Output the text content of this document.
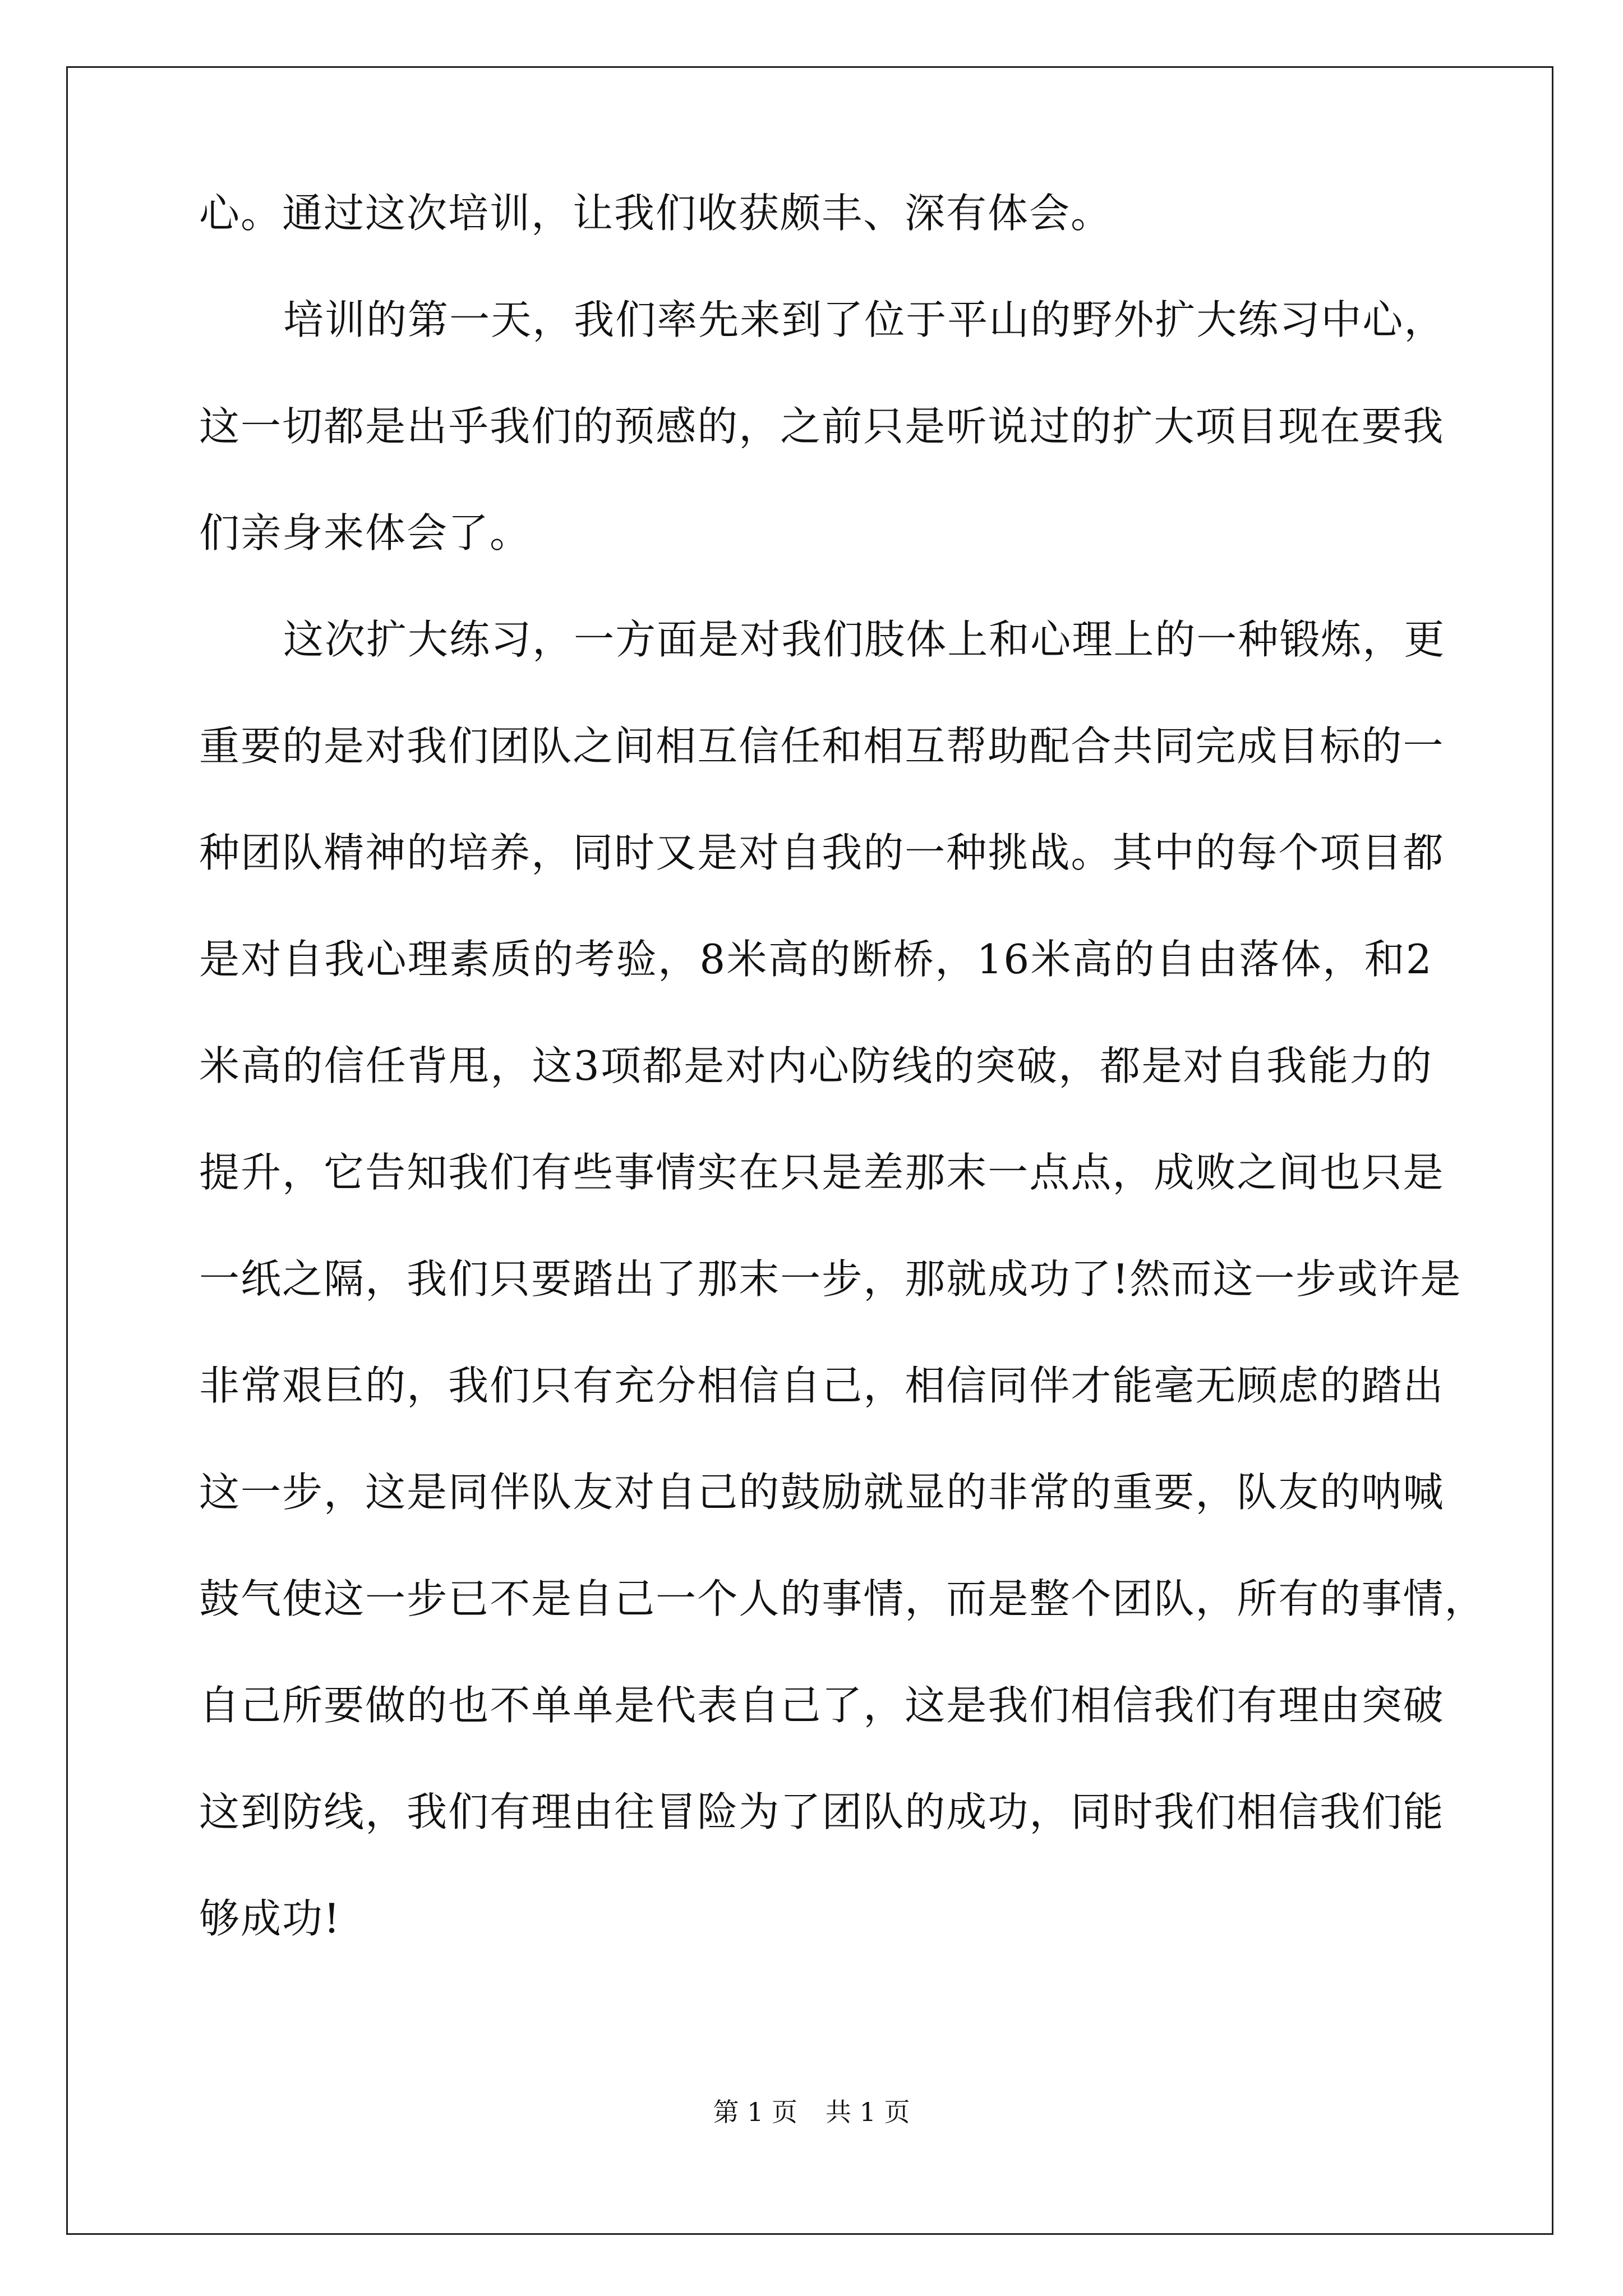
心。通过这次培训，让我们收获颇丰、深有体会。
培 训 的 第 一 天 ， 我 们 率 先 来 到 了 位 于 平 山 的 野 外 扩 大 练 习 中 心 ，
这 一 切 都 是 出 乎 我 们 的 预 感 的 ， 之 前 只 是 听 说 过 的 扩 大 项 目 现 在 要 我
们亲身来体会了。
这 次 扩 大 练 习 ， 一 方 面 是 对 我 们 肢 体 上 和 心 理 上 的 一 种 锻 炼 ， 更
重 要 的 是 对 我 们 团 队 之 间 相 互 信 任 和 相 互 帮 助 配 合 共 同 完 成 目 标 的 一
种 团 队 精 神 的 培 养 ， 同 时 又 是 对 自 我 的 一 种 挑 战 。 其 中 的 每 个 项 目 都
是 对 自 我 心 理 素 质 的 考 验 ， 8 米 高 的 断 桥 ， 16 米 高 的 自 由 落 体 ， 和 2
米 高 的 信 任 背 甩 ， 这 3 项 都 是 对 内 心 防 线 的 突 破 ， 都 是 对 自 我 能 力 的
提 升 ， 它 告 知 我 们 有 些 事 情 实 在 只 是 差 那 末 一 点 点 ， 成 败 之 间 也 只 是
一 纸 之 隔 ， 我 们 只 要 踏 出 了 那 末 一 步 ， 那 就 成 功 了 ! 然 而 这 一 步 或 许 是
非 常 艰 巨 的 ， 我 们 只 有 充 分 相 信 自 己 ， 相 信 同 伴 才 能 毫 无 顾 虑 的 踏 出
这 一 步 ， 这 是 同 伴 队 友 对 自 己 的 鼓 励 就 显 的 非 常 的 重 要 ， 队 友 的 呐 喊
鼓 气 使 这 一 步 已 不 是 自 己 一 个 人 的 事 情 ， 而 是 整 个 团 队 ， 所 有 的 事 情 ，
自 己 所 要 做 的 也 不 单 单 是 代 表 自 己 了 ， 这 是 我 们 相 信 我 们 有 理 由 突 破
这 到 防 线 ， 我 们 有 理 由 往 冒 险 为 了 团 队 的 成 功 ， 同 时 我 们 相 信 我 们 能
够成功!
第 1 页 共 1 页
